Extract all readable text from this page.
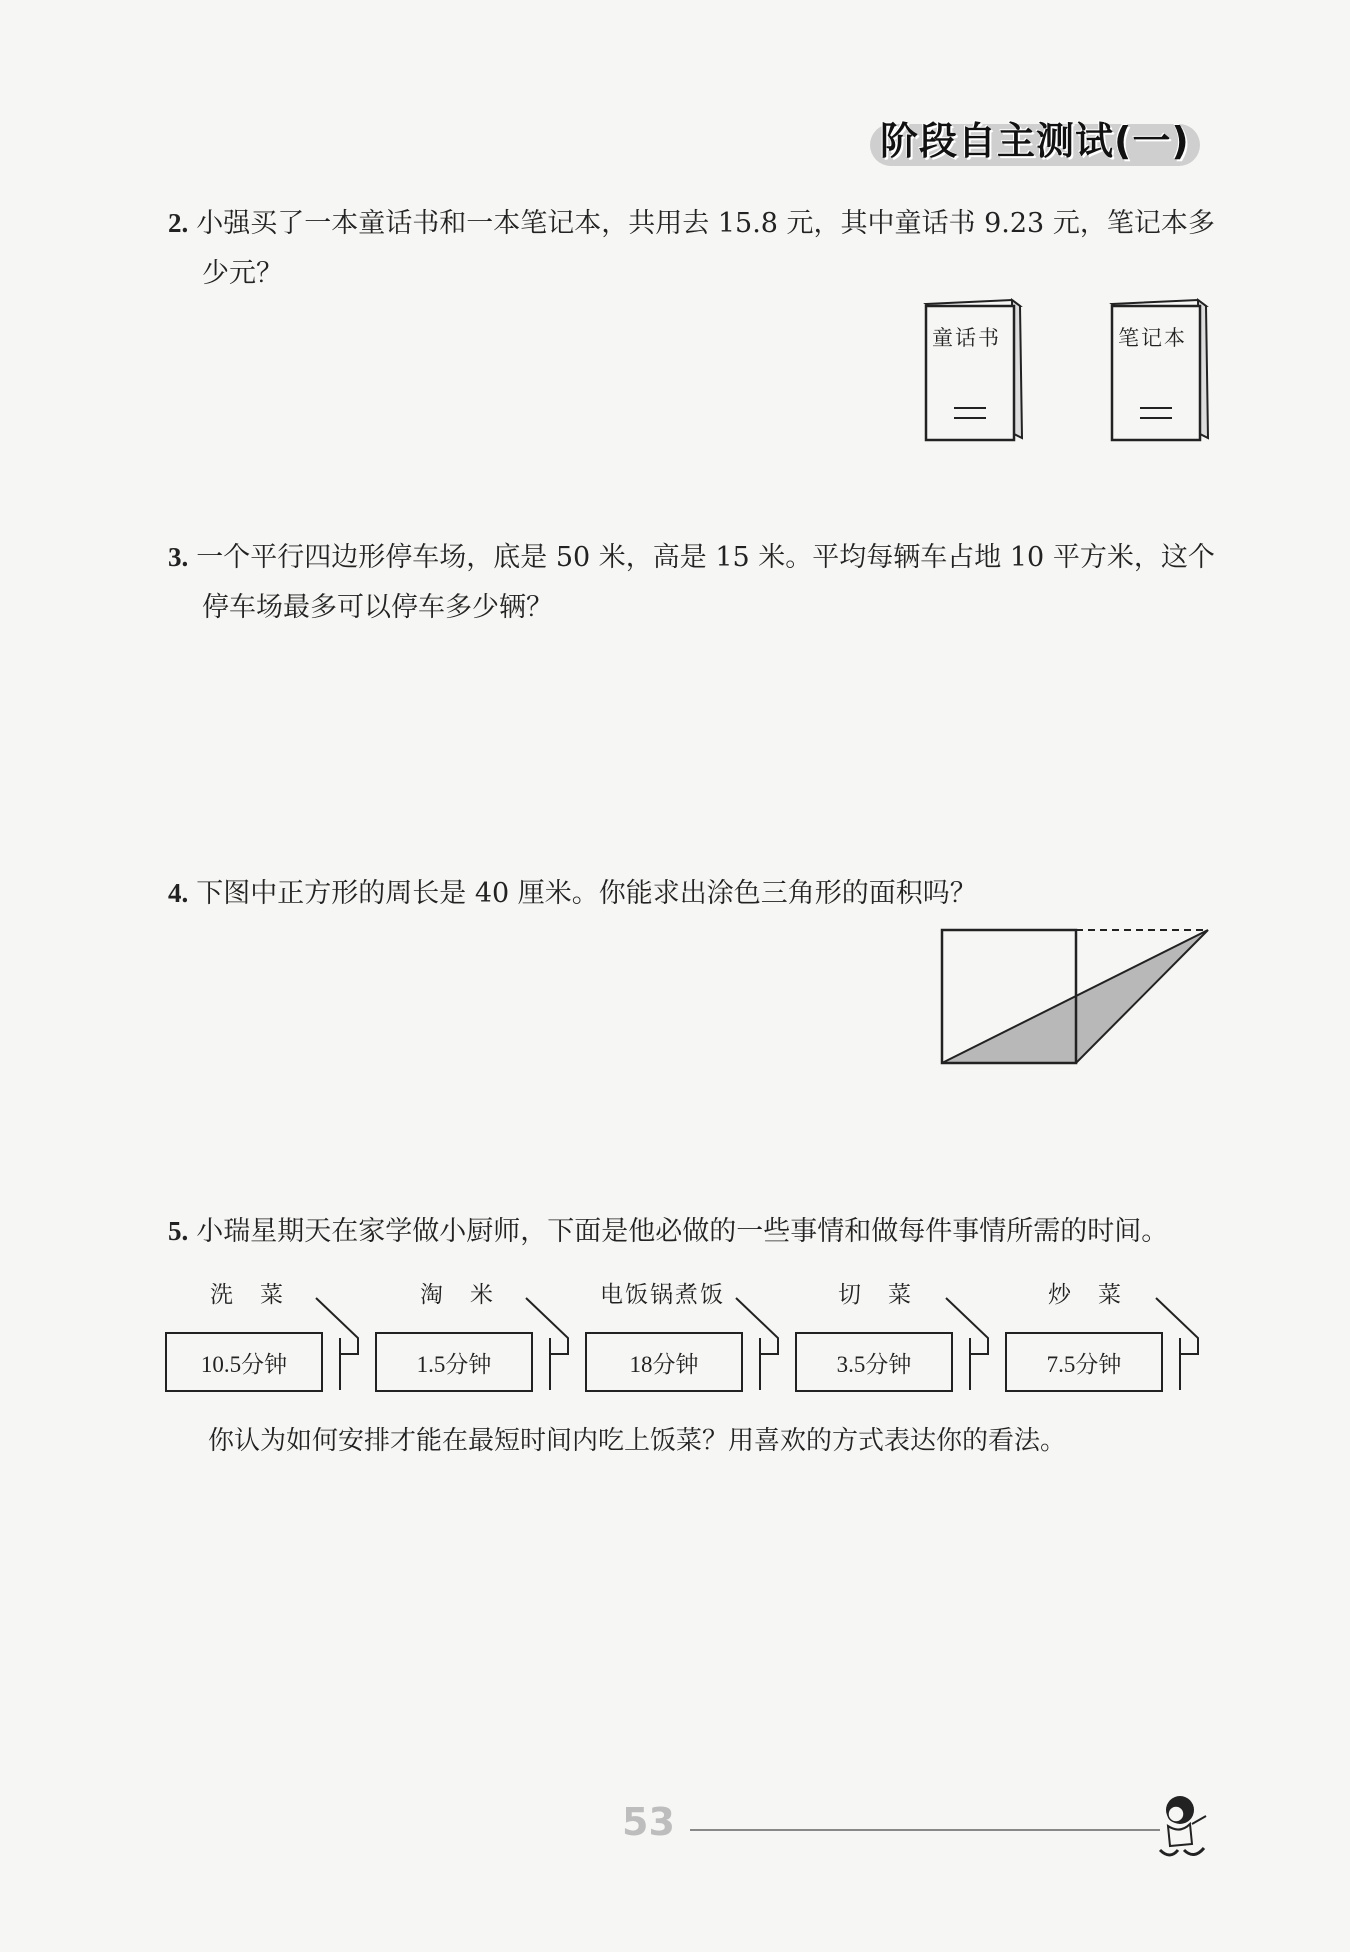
阶段自主测试(一)
2. 小强买了一本童话书和一本笔记本，共用去 15.8 元，其中童话书 9.23 元，笔记本多
少元？
童话书	笔记本
3. 一个平行四边形停车场，底是 50 米，高是 15 米。平均每辆车占地 10 平方米，这个
停车场最多可以停车多少辆？
4. 下图中正方形的周长是 40 厘米。你能求出涂色三角形的面积吗？
5. 小瑞星期天在家学做小厨师，下面是他必做的一些事情和做每件事情所需的时间。
洗　菜	淘　米	电饭锅煮饭	切　菜	炒　菜
10.5分钟	1.5分钟	18分钟	3.5分钟	7.5分钟
你认为如何安排才能在最短时间内吃上饭菜？用喜欢的方式表达你的看法。
53
